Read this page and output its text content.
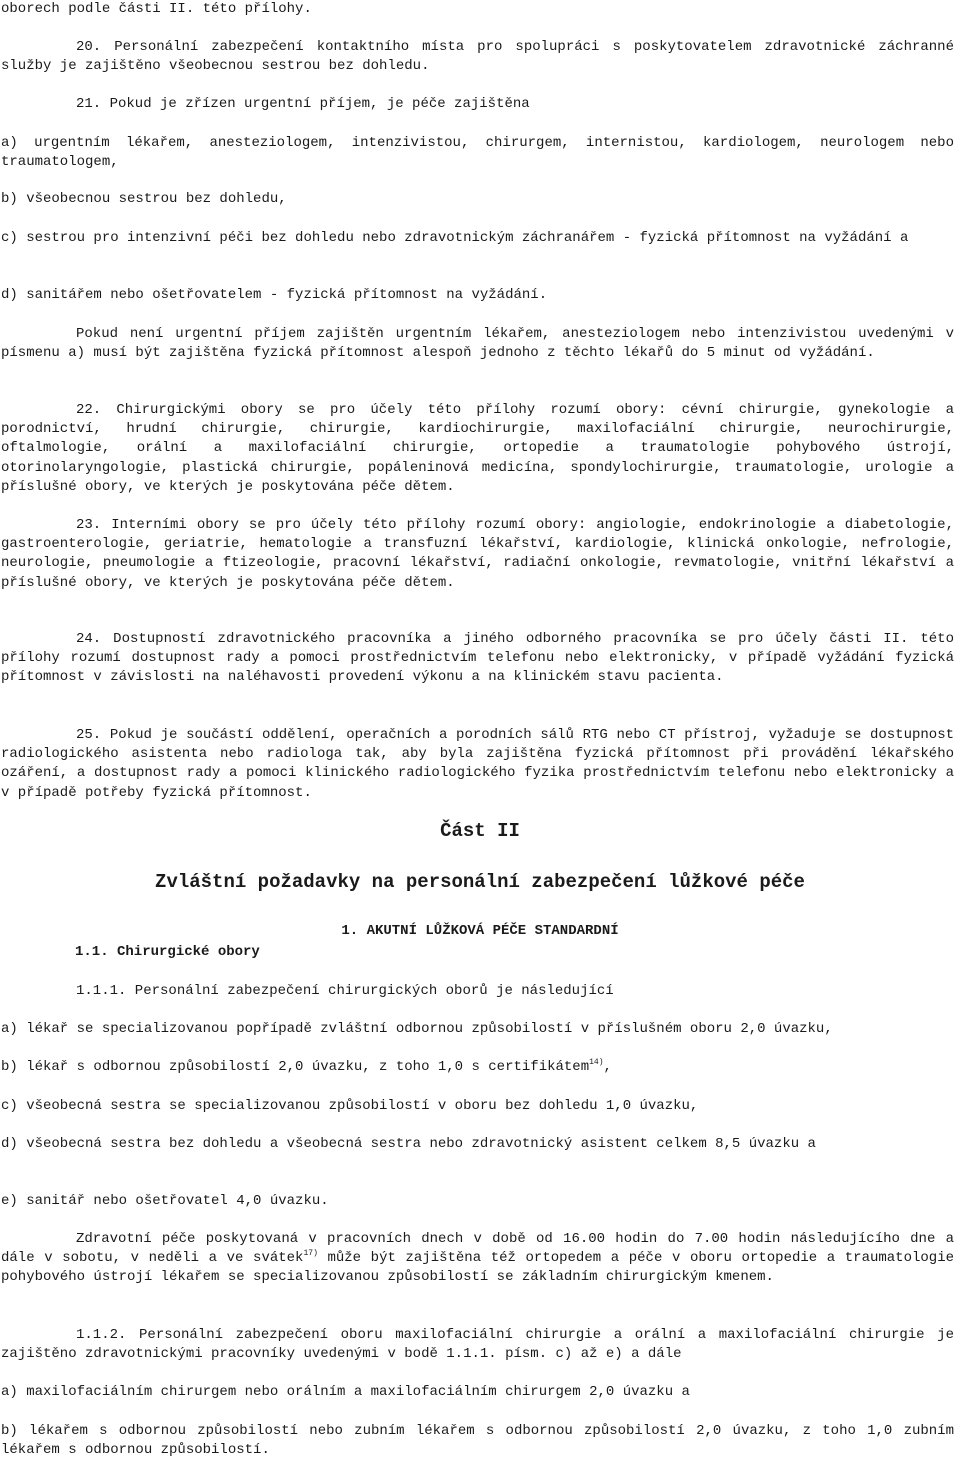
oborech podle části II. této přílohy.

20. Personální zabezpečení kontaktního místa pro spolupráci s poskytovatelem zdravotnické záchranné služby je zajištěno všeobecnou sestrou bez dohledu.

21. Pokud je zřízen urgentní příjem, je péče zajištěna

a) urgentním lékařem, anesteziologem, intenzivistou, chirurgem, internistou, kardiologem, neurologem nebo traumatologem,

b) všeobecnou sestrou bez dohledu,

c) sestrou pro intenzivní péči bez dohledu nebo zdravotnickým záchranářem - fyzická přítomnost na vyžádání a

d) sanitářem nebo ošetřovatelem - fyzická přítomnost na vyžádání.

Pokud není urgentní příjem zajištěn urgentním lékařem, anesteziologem nebo intenzivistou uvedenými v písmenu a) musí být zajištěna fyzická přítomnost alespoň jednoho z těchto lékařů do 5 minut od vyžádání.

22. Chirurgickými obory se pro účely této přílohy rozumí obory: cévní chirurgie, gynekologie a porodnictví, hrudní chirurgie, chirurgie, kardiochirurgie, maxilofaciální chirurgie, neurochirurgie, oftalmologie, orální a maxilofaciální chirurgie, ortopedie a traumatologie pohybového ústrojí, otorinolaryngologie, plastická chirurgie, popáleninová medicína, spondylochirurgie, traumatologie, urologie a příslušné obory, ve kterých je poskytována péče dětem.

23. Interními obory se pro účely této přílohy rozumí obory: angiologie, endokrinologie a diabetologie, gastroenterologie, geriatrie, hematologie a transfuzní lékařství, kardiologie, klinická onkologie, nefrologie, neurologie, pneumologie a ftizeologie, pracovní lékařství, radiační onkologie, revmatologie, vnitřní lékařství a příslušné obory, ve kterých je poskytována péče dětem.

24. Dostupností zdravotnického pracovníka a jiného odborného pracovníka se pro účely části II. této přílohy rozumí dostupnost rady a pomoci prostřednictvím telefonu nebo elektronicky, v případě vyžádání fyzická přítomnost v závislosti na naléhavosti provedení výkonu a na klinickém stavu pacienta.

25. Pokud je součástí oddělení, operačních a porodních sálů RTG nebo CT přístroj, vyžaduje se dostupnost radiologického asistenta nebo radiologa tak, aby byla zajištěna fyzická přítomnost při provádění lékařského ozáření, a dostupnost rady a pomoci klinického radiologického fyzika prostřednictvím telefonu nebo elektronicky a v případě potřeby fyzická přítomnost.

Část II

Zvláštní požadavky na personální zabezpečení lůžkové péče

1. AKUTNÍ LŮŽKOVÁ PÉČE STANDARDNÍ

1.1. Chirurgické obory

1.1.1. Personální zabezpečení chirurgických oborů je následující

a) lékař se specializovanou popřípadě zvláštní odbornou způsobilostí v příslušném oboru 2,0 úvazku,

b) lékař s odbornou způsobilostí 2,0 úvazku, z toho 1,0 s certifikátem$^{14)}$,

c) všeobecná sestra se specializovanou způsobilostí v oboru bez dohledu 1,0 úvazku,

d) všeobecná sestra bez dohledu a všeobecná sestra nebo zdravotnický asistent celkem 8,5 úvazku a

e) sanitář nebo ošetřovatel 4,0 úvazku.

Zdravotní péče poskytovaná v pracovních dnech v době od 16.00 hodin do 7.00 hodin následujícího dne a dále v sobotu, v neděli a ve svátek$^{17)}$ může být zajištěna též ortopedem a péče v oboru ortopedie a traumatologie pohybového ústrojí lékařem se specializovanou způsobilostí se základním chirurgickým kmenem.

1.1.2. Personální zabezpečení oboru maxilofaciální chirurgie a orální a maxilofaciální chirurgie je zajištěno zdravotnickými pracovníky uvedenými v bodě 1.1.1. písm. c) až e) a dále

a) maxilofaciálním chirurgem nebo orálním a maxilofaciálním chirurgem 2,0 úvazku a

b) lékařem s odbornou způsobilostí nebo zubním lékařem s odbornou způsobilostí 2,0 úvazku, z toho 1,0 zubním lékařem s odbornou způsobilostí.
